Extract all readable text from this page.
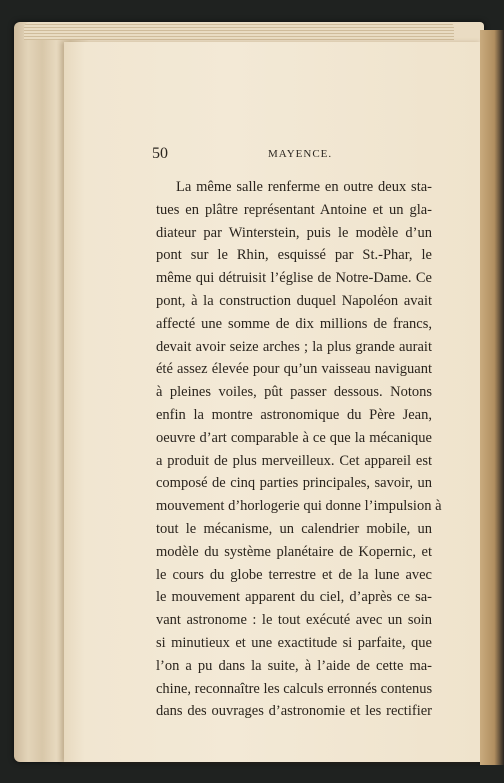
50	MAYENCE.
La même salle renferme en outre deux sta-
tues en plâtre représentant Antoine et un gla-
diateur par Winterstein, puis le modèle d’un
pont sur le Rhin, esquissé par St.-Phar, le
même qui détruisit l’église de Notre-Dame. Ce
pont, à la construction duquel Napoléon avait
affecté une somme de dix millions de francs,
devait avoir seize arches ; la plus grande aurait
été assez élevée pour qu’un vaisseau naviguant
à pleines voiles, pût passer dessous. Notons
enfin la montre astronomique du Père Jean,
oeuvre d’art comparable à ce que la mécanique
a produit de plus merveilleux. Cet appareil est
composé de cinq parties principales, savoir, un
mouvement d’horlogerie qui donne l’impulsion à
tout le mécanisme, un calendrier mobile, un
modèle du système planétaire de Kopernic, et
le cours du globe terrestre et de la lune avec
le mouvement apparent du ciel, d’après ce sa-
vant astronome : le tout exécuté avec un soin
si minutieux et une exactitude si parfaite, que
l’on a pu dans la suite, à l’aide de cette ma-
chine, reconnaître les calculs erronnés contenus
dans des ouvrages d’astronomie et les rectifier
